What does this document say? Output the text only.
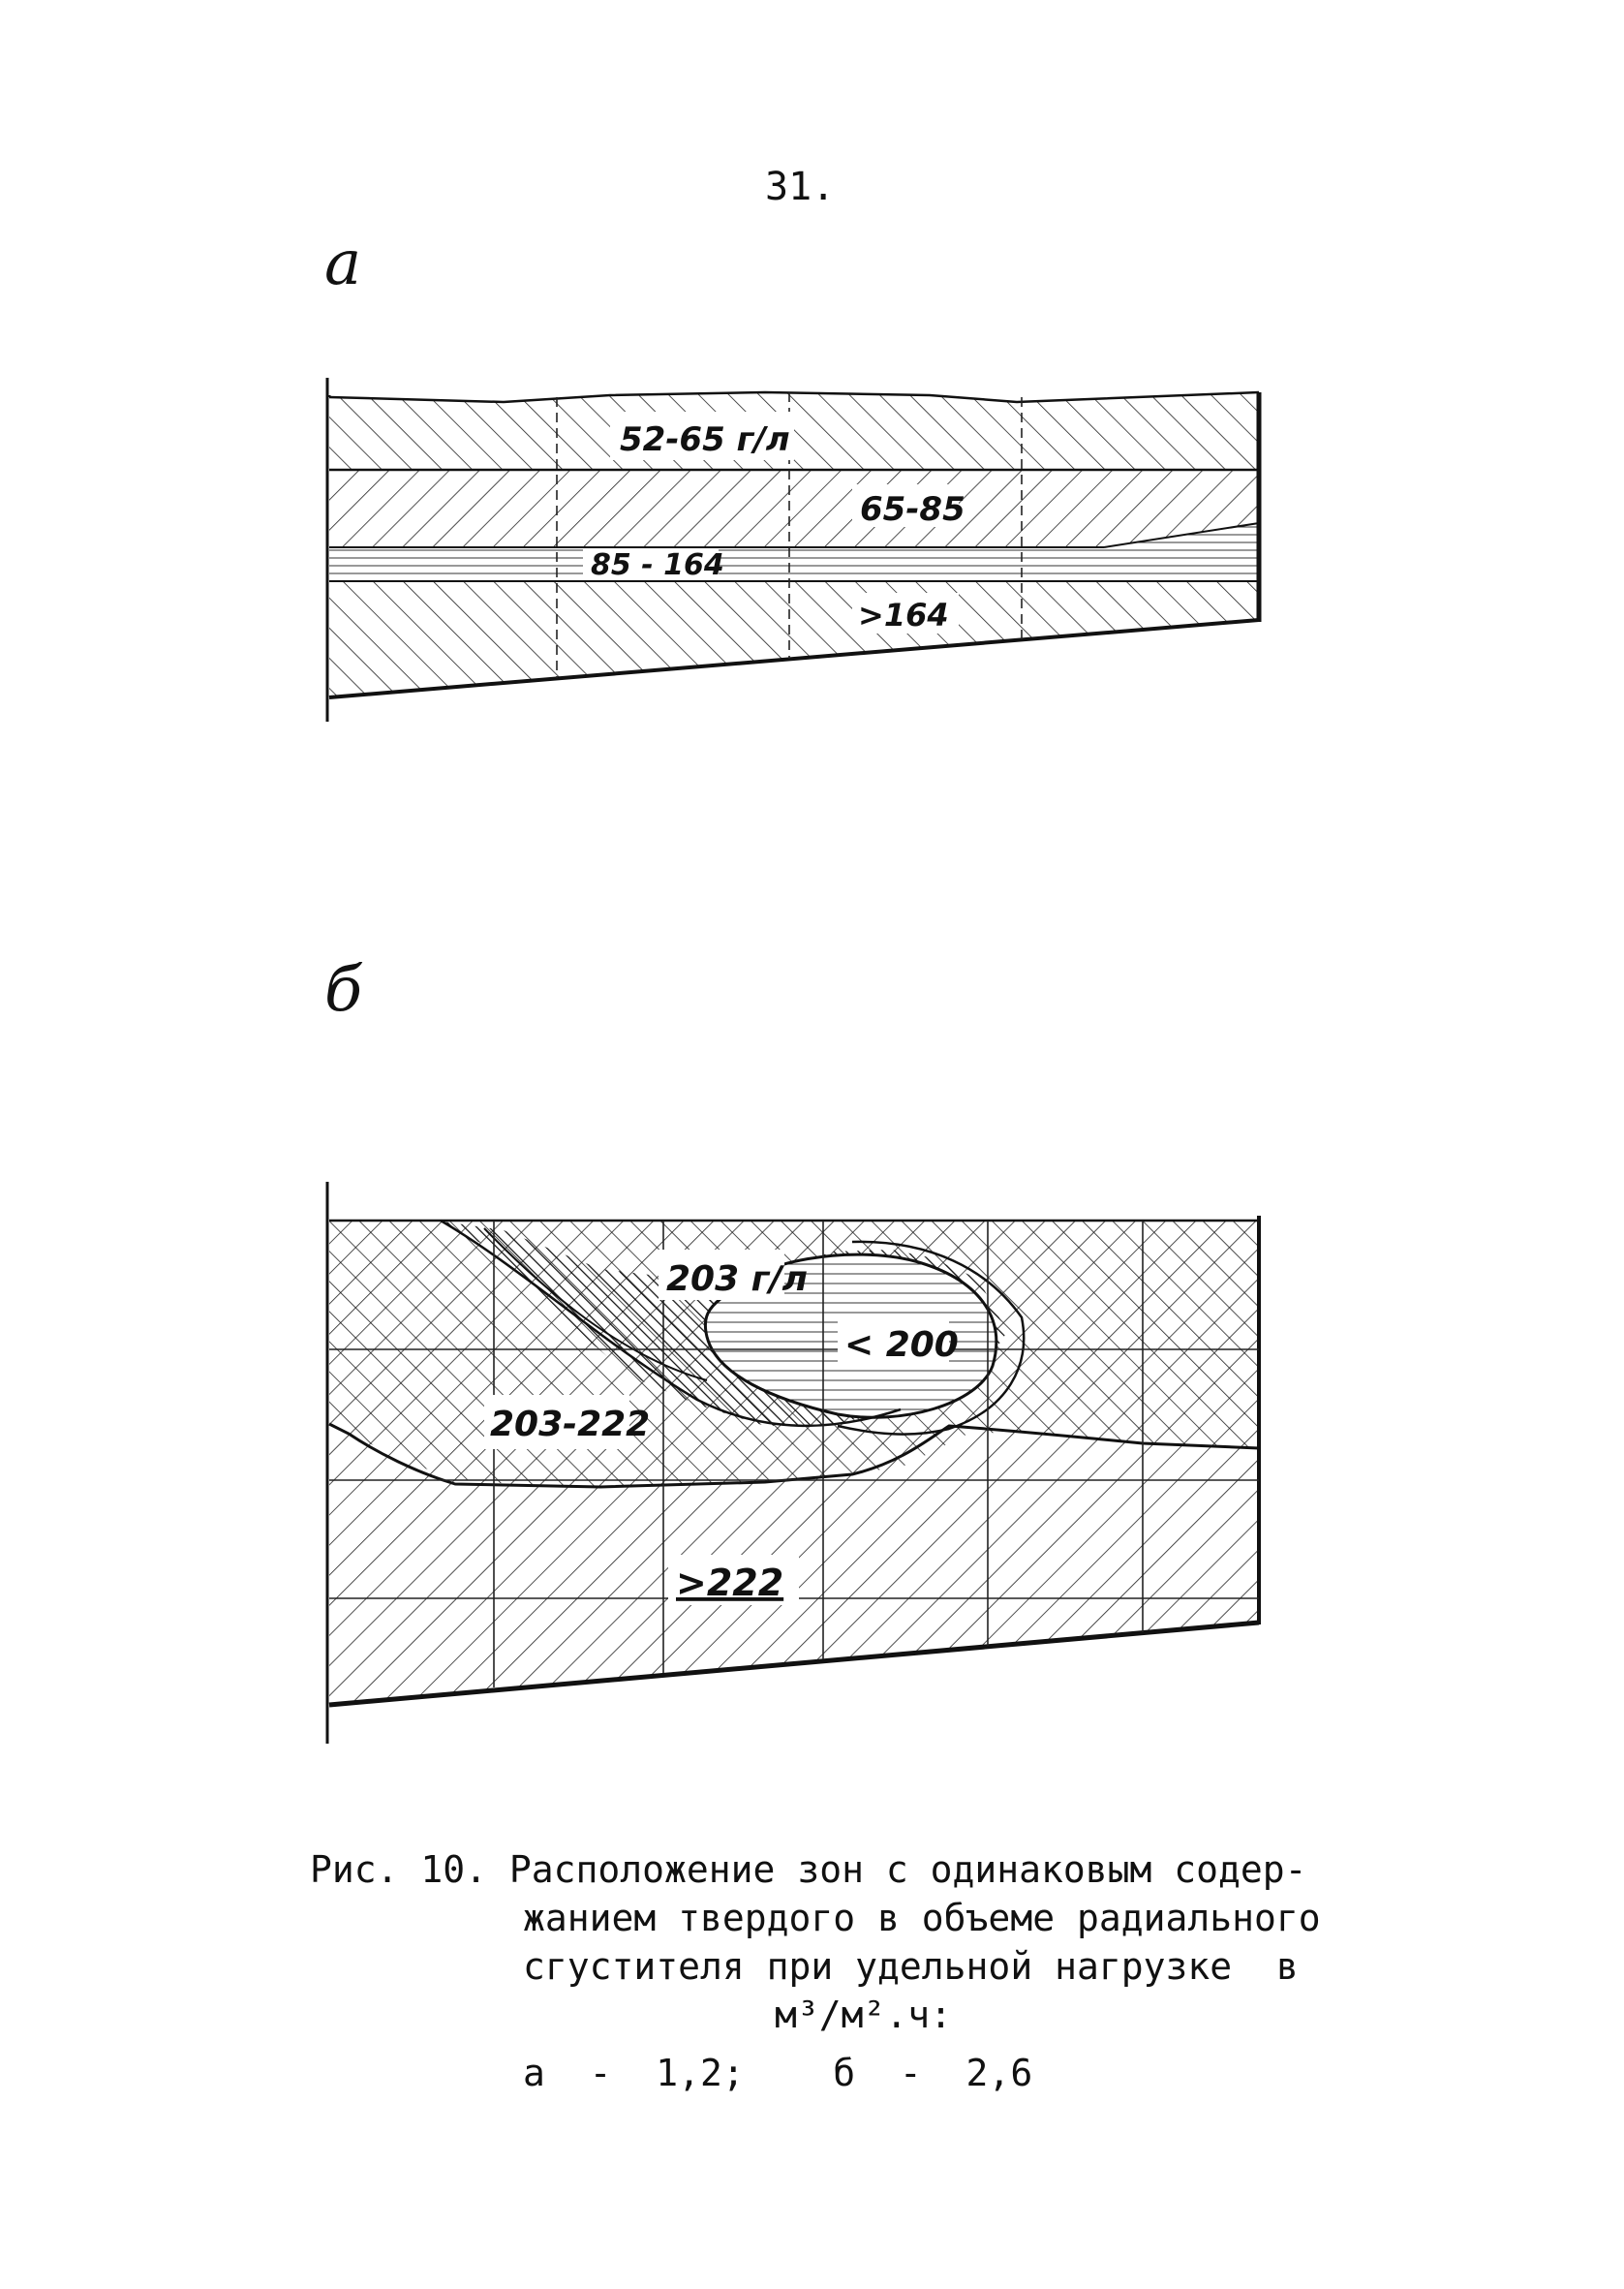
31.
а
52-65 г/л
65-85
85 - 164
>164
б
203 г/л
< 200
203-222
>222
Рис. 10. Расположение зон с одинаковым содер-
жанием твердого в объеме радиального
сгустителя при удельной нагрузке  в
м³/м².ч:
а  -  1,2;    б  -  2,6
